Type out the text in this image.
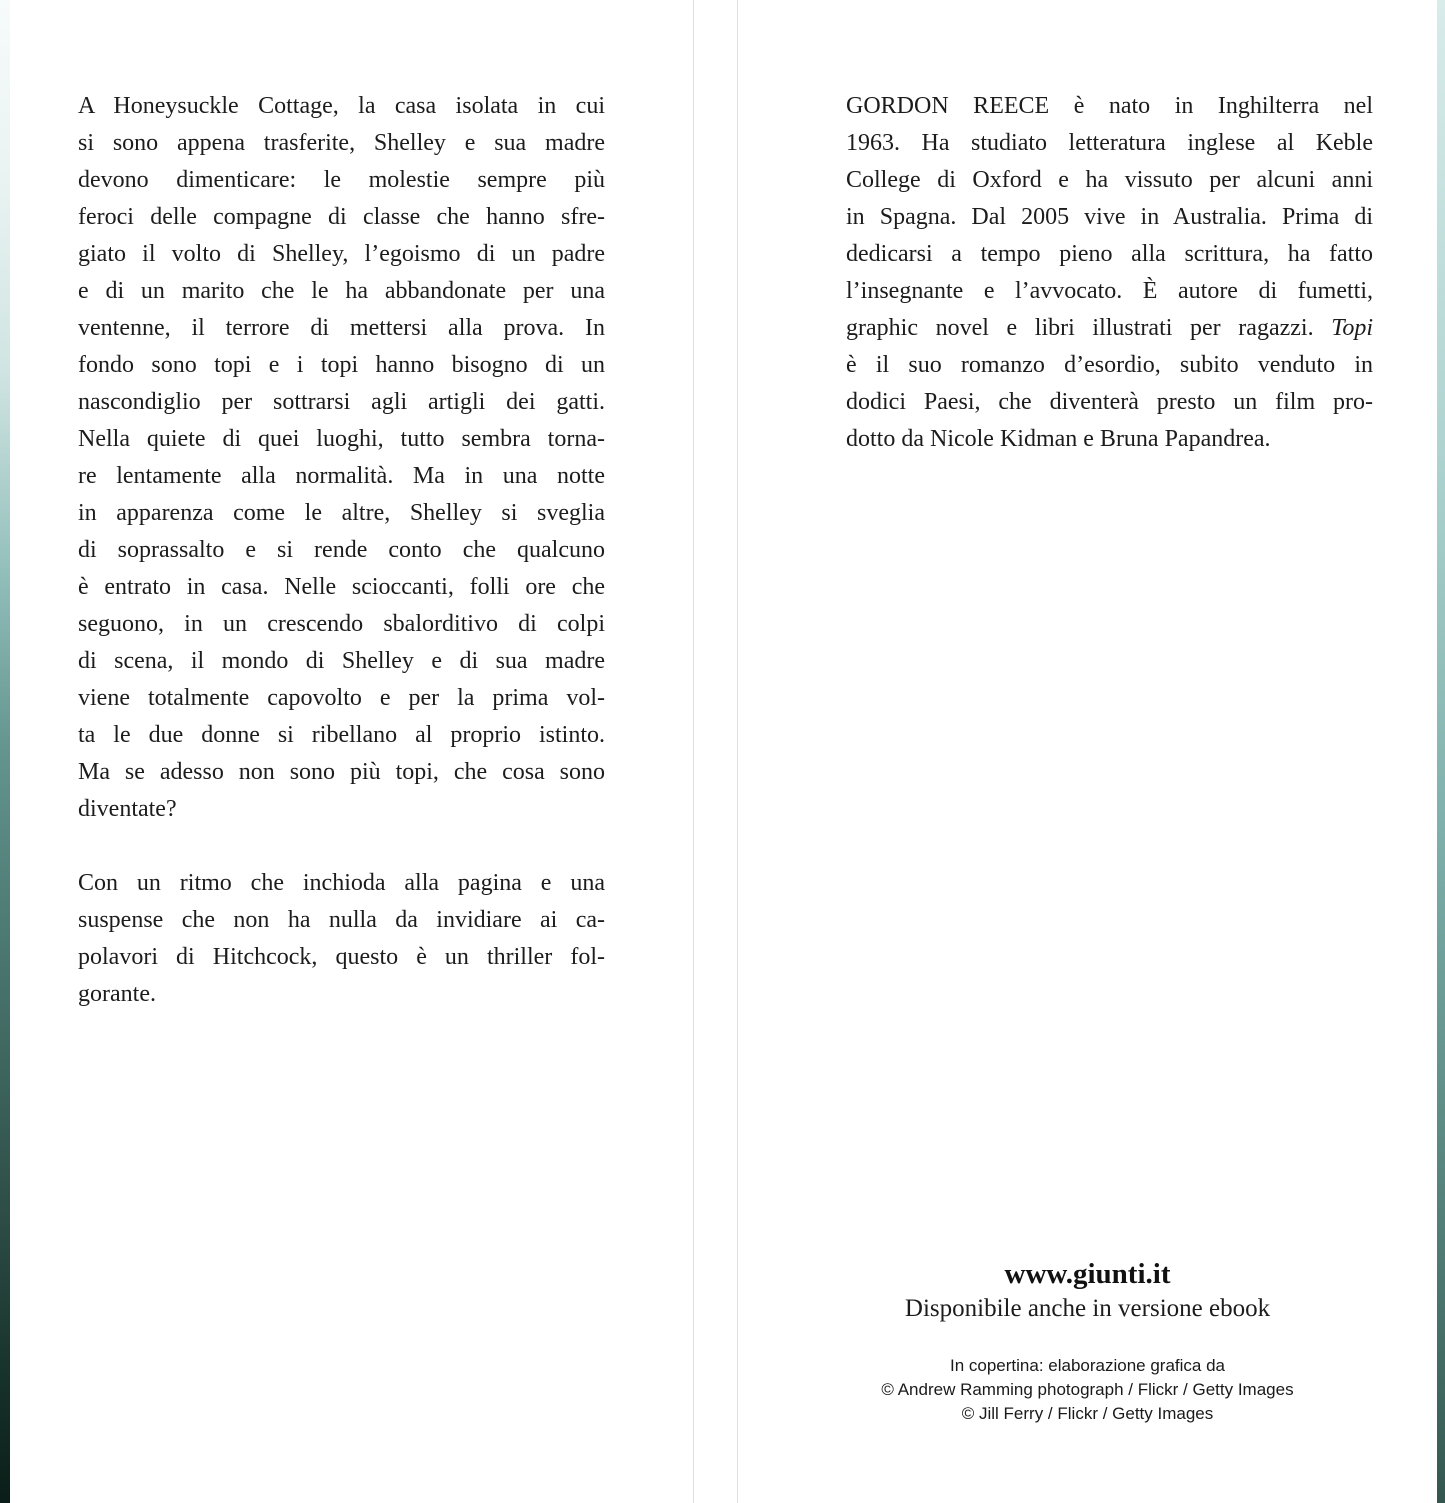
A Honeysuckle Cottage, la casa isolata in cui
si sono appena trasferite, Shelley e sua madre
devono dimenticare: le molestie sempre più
feroci delle compagne di classe che hanno sfre-
giato il volto di Shelley, l’egoismo di un padre
e di un marito che le ha abbandonate per una
ventenne, il terrore di mettersi alla prova. In
fondo sono topi e i topi hanno bisogno di un
nascondiglio per sottrarsi agli artigli dei gatti.
Nella quiete di quei luoghi, tutto sembra torna-
re lentamente alla normalità. Ma in una notte
in apparenza come le altre, Shelley si sveglia
di soprassalto e si rende conto che qualcuno
è entrato in casa. Nelle scioccanti, folli ore che
seguono, in un crescendo sbalorditivo di colpi
di scena, il mondo di Shelley e di sua madre
viene totalmente capovolto e per la prima vol-
ta le due donne si ribellano al proprio istinto.
Ma se adesso non sono più topi, che cosa sono
diventate?
Con un ritmo che inchioda alla pagina e una
suspense che non ha nulla da invidiare ai ca-
polavori di Hitchcock, questo è un thriller fol-
gorante.
GORDON REECE è nato in Inghilterra nel
1963. Ha studiato letteratura inglese al Keble
College di Oxford e ha vissuto per alcuni anni
in Spagna. Dal 2005 vive in Australia. Prima di
dedicarsi a tempo pieno alla scrittura, ha fatto
l’insegnante e l’avvocato. È autore di fumetti,
graphic novel e libri illustrati per ragazzi. Topi
è il suo romanzo d’esordio, subito venduto in
dodici Paesi, che diventerà presto un film pro-
dotto da Nicole Kidman e Bruna Papandrea.
www.giunti.it
Disponibile anche in versione ebook
In copertina: elaborazione grafica da
© Andrew Ramming photograph / Flickr / Getty Images
© Jill Ferry / Flickr / Getty Images
